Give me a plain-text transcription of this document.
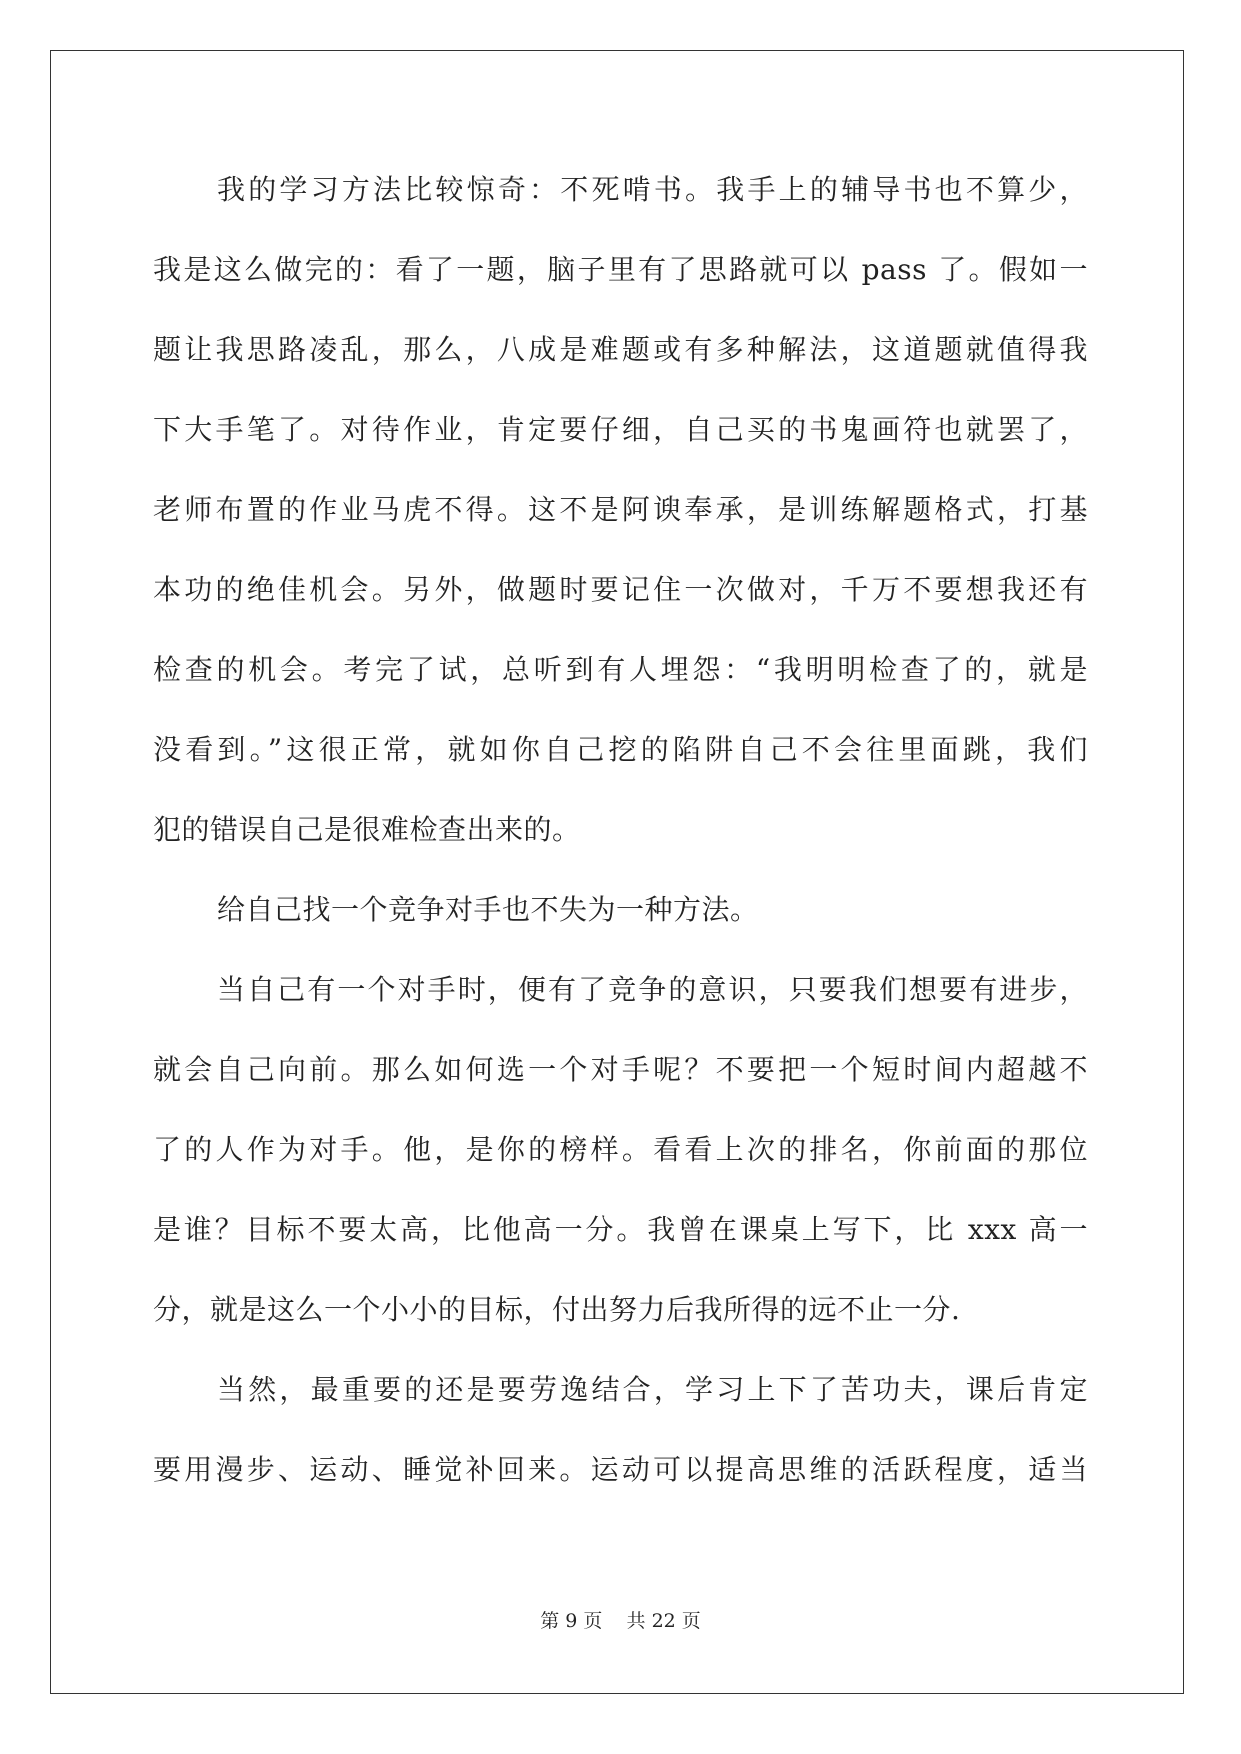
我的学习方法比较惊奇：不死啃书。我手上的辅导书也不算少，
我是这么做完的：看了一题，脑子里有了思路就可以 pass 了。假如一
题让我思路凌乱，那么，八成是难题或有多种解法，这道题就值得我
下大手笔了。对待作业，肯定要仔细，自己买的书鬼画符也就罢了，
老师布置的作业马虎不得。这不是阿谀奉承，是训练解题格式，打基
本功的绝佳机会。另外，做题时要记住一次做对，千万不要想我还有
检查的机会。考完了试，总听到有人埋怨：“我明明检查了的，就是
没看到。”这很正常，就如你自己挖的陷阱自己不会往里面跳，我们
犯的错误自己是很难检查出来的。
给自己找一个竞争对手也不失为一种方法。
当自己有一个对手时，便有了竞争的意识，只要我们想要有进步，
就会自己向前。那么如何选一个对手呢？不要把一个短时间内超越不
了的人作为对手。他，是你的榜样。看看上次的排名，你前面的那位
是谁？目标不要太高，比他高一分。我曾在课桌上写下，比 xxx 高一
分，就是这么一个小小的目标，付出努力后我所得的远不止一分.
当然，最重要的还是要劳逸结合，学习上下了苦功夫，课后肯定
要用漫步、运动、睡觉补回来。运动可以提高思维的活跃程度，适当
第 9 页    共 22 页
